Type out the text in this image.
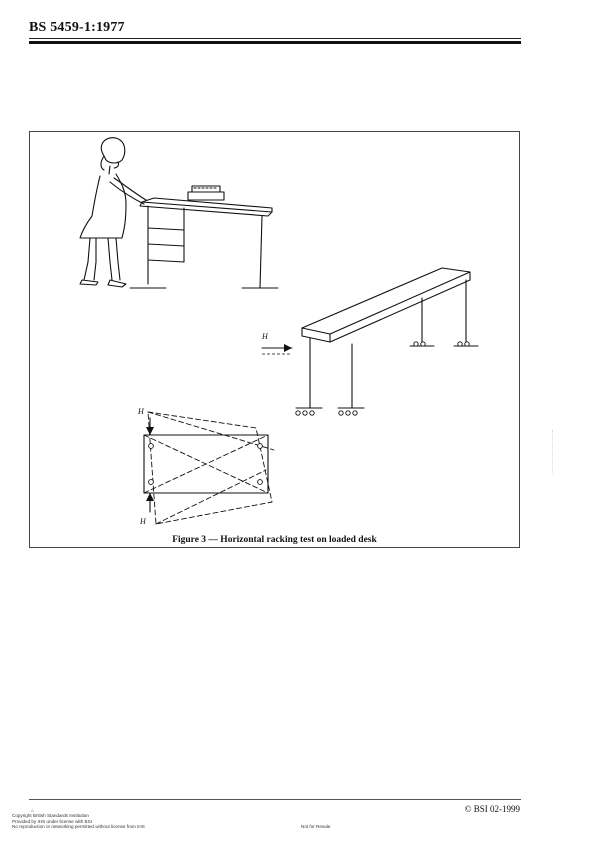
BS 5459-1:1977
H
H
H
Figure 3 — Horizontal racking test on loaded desk
⌂	© BSI 02-1999
Copyright British Standards Institution
Provided by IHS under license with BSI
No reproduction or networking permitted without license from IHS	Not for Resale
